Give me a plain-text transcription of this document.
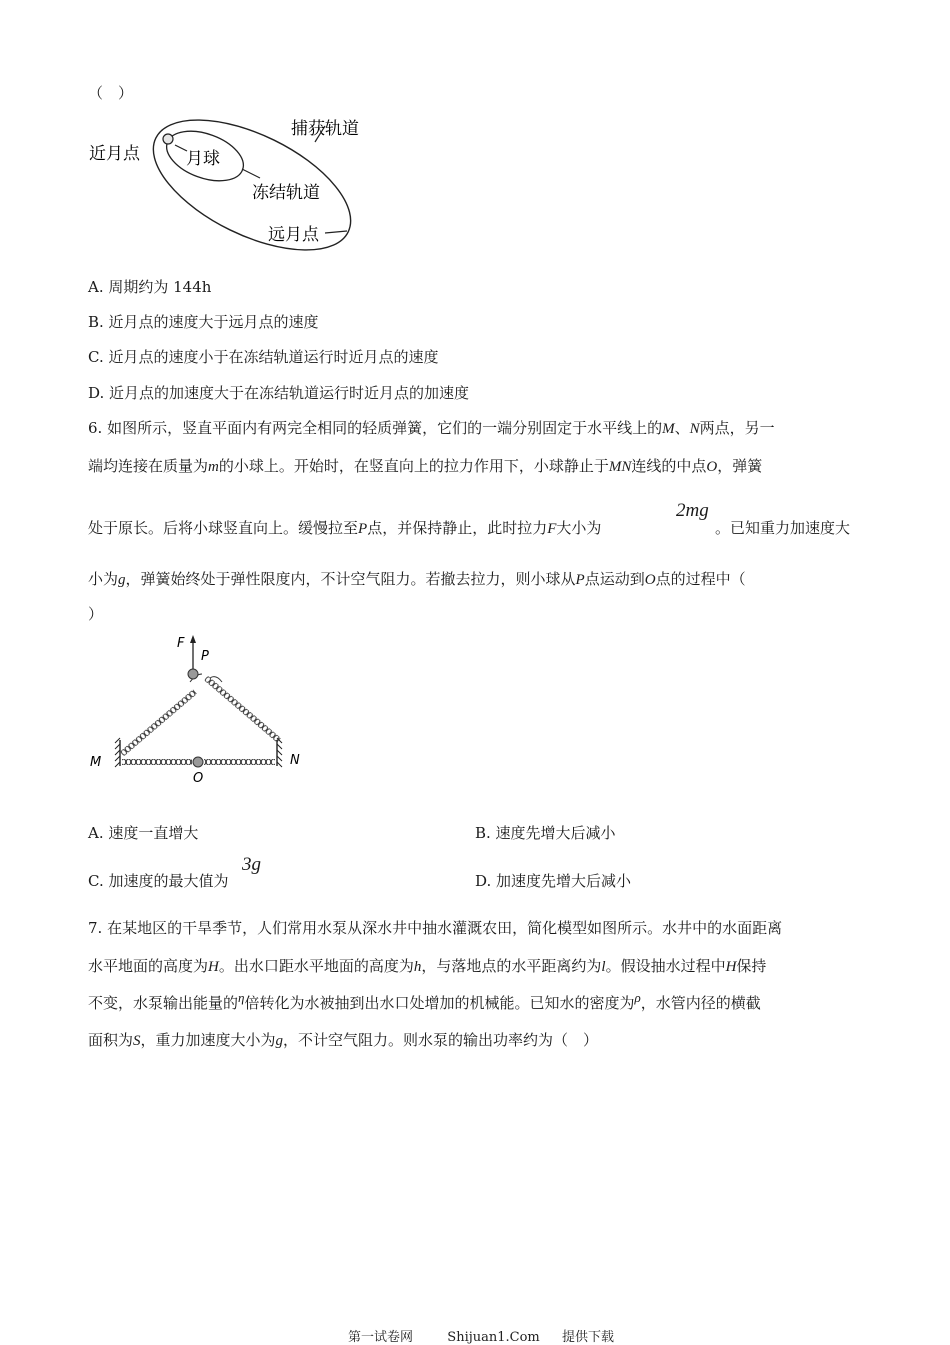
（　）
近月点	月球
捕获轨道
冻结轨道
远月点
A. 周期约为 144h
B. 近月点的速度大于远月点的速度
C. 近月点的速度小于在冻结轨道运行时近月点的速度
D. 近月点的加速度大于在冻结轨道运行时近月点的加速度
6. 如图所示，竖直平面内有两完全相同的轻质弹簧，它们的一端分别固定于水平线上的M、N两点，另一
端均连接在质量为m的小球上。开始时，在竖直向上的拉力作用下，小球静止于MN连线的中点O，弹簧
处于原长。后将小球竖直向上。缓慢拉至P点，并保持静止，此时拉力F大小为
2mg
。已知重力加速度大
小为g，弹簧始终处于弹性限度内，不计空气阻力。若撤去拉力，则小球从P点运动到O点的过程中（
）
F
P
M	N
O
A. 速度一直增大	B. 速度先增大后减小
C. 加速度的最大值为
3g
D. 加速度先增大后减小
7. 在某地区的干旱季节，人们常用水泵从深水井中抽水灌溉农田，简化模型如图所示。水井中的水面距离
水平地面的高度为H。出水口距水平地面的高度为h，与落地点的水平距离约为l。假设抽水过程中H保持
不变，水泵输出能量的η倍转化为水被抽到出水口处增加的机械能。已知水的密度为ρ，水管内径的横截
面积为S，重力加速度大小为g，不计空气阻力。则水泵的输出功率约为（　）
第一试卷网	Shijuan1.Com 提供下载
